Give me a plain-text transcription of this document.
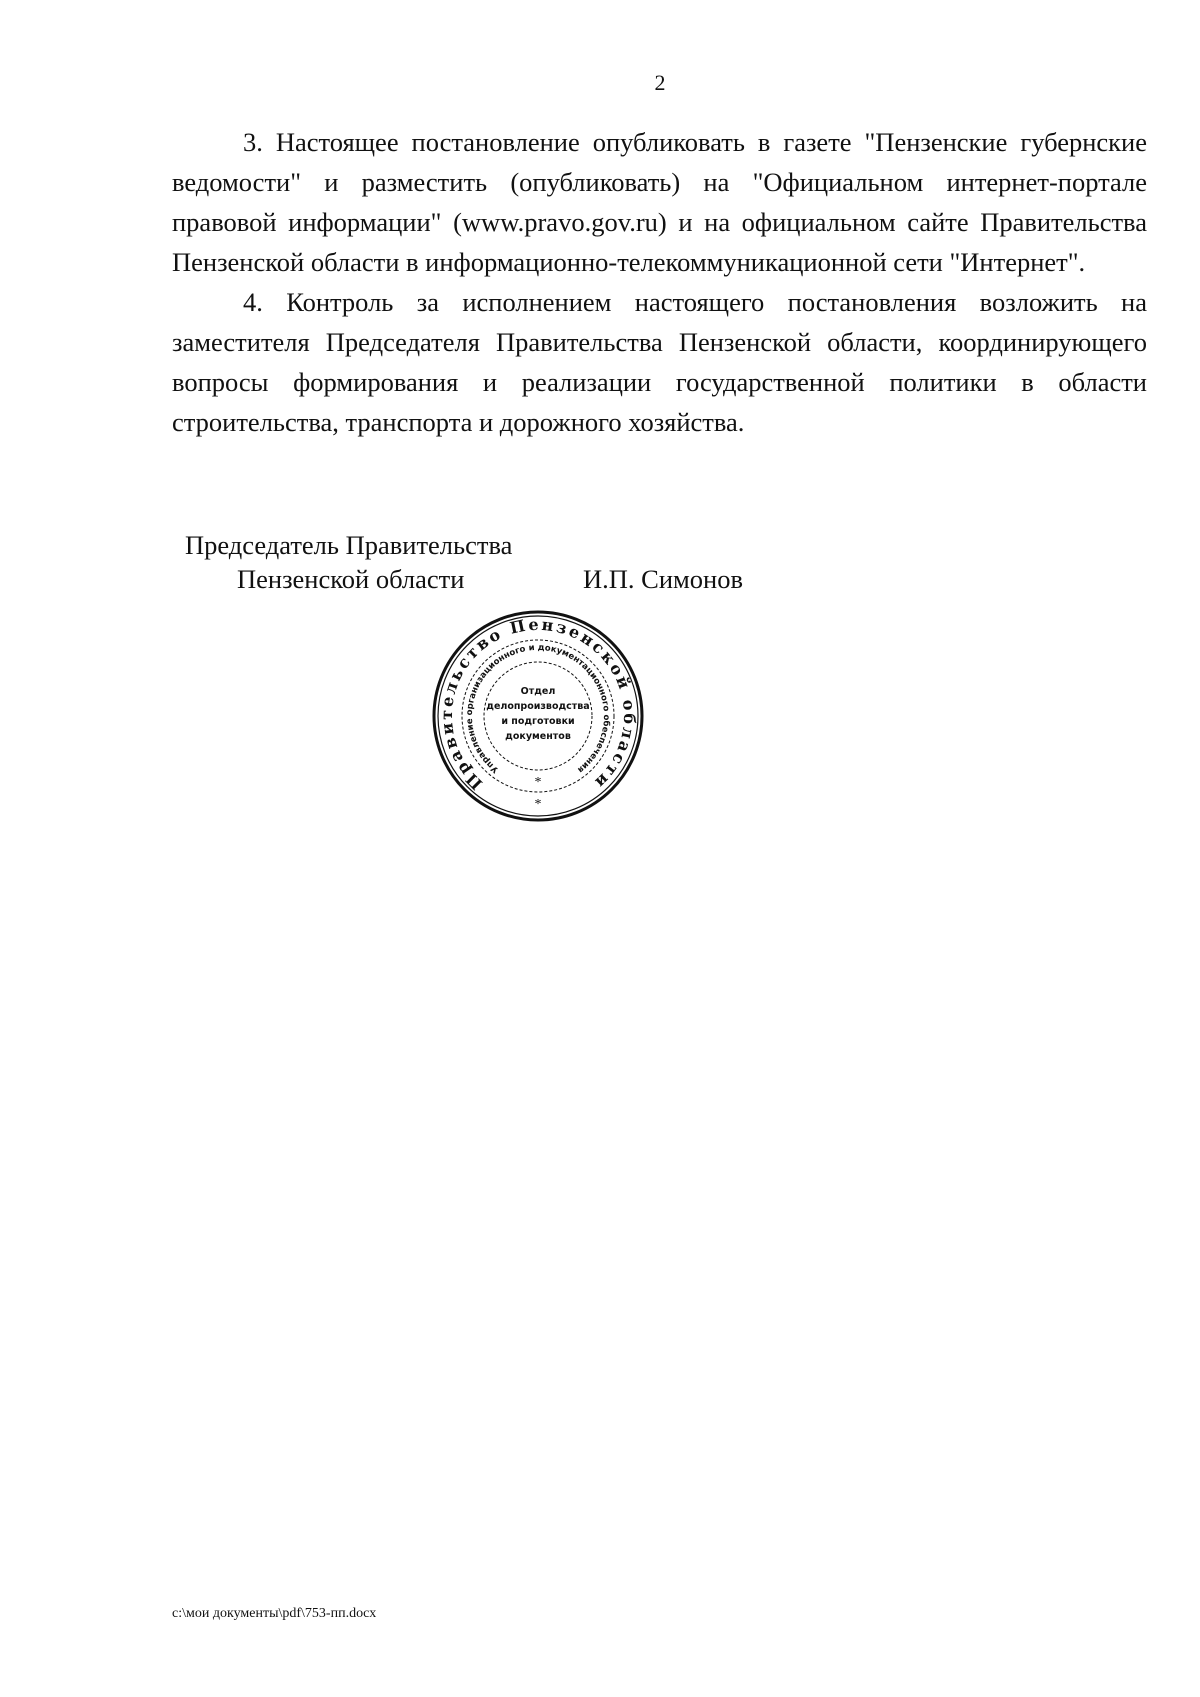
2

3. Настоящее постановление опубликовать в газете "Пензенские губернские ведомости" и разместить (опубликовать) на "Официальном интернет-портале правовой информации" (www.pravo.gov.ru) и на официальном сайте Правительства Пензенской области в информационно-телекоммуникационной сети "Интернет".

4. Контроль за исполнением настоящего постановления возложить на заместителя Председателя Правительства Пензенской области, координирующего вопросы формирования и реализации государственной политики в области строительства, транспорта и дорожного хозяйства.

Председатель Правительства
Пензенской области	И.П. Симонов
Правительство Пензенской области
Управление организационного и документационного обеспечения
Отдел
делопроизводства
и подготовки
документов
*
*
c:\мои документы\pdf\753-пп.docx
